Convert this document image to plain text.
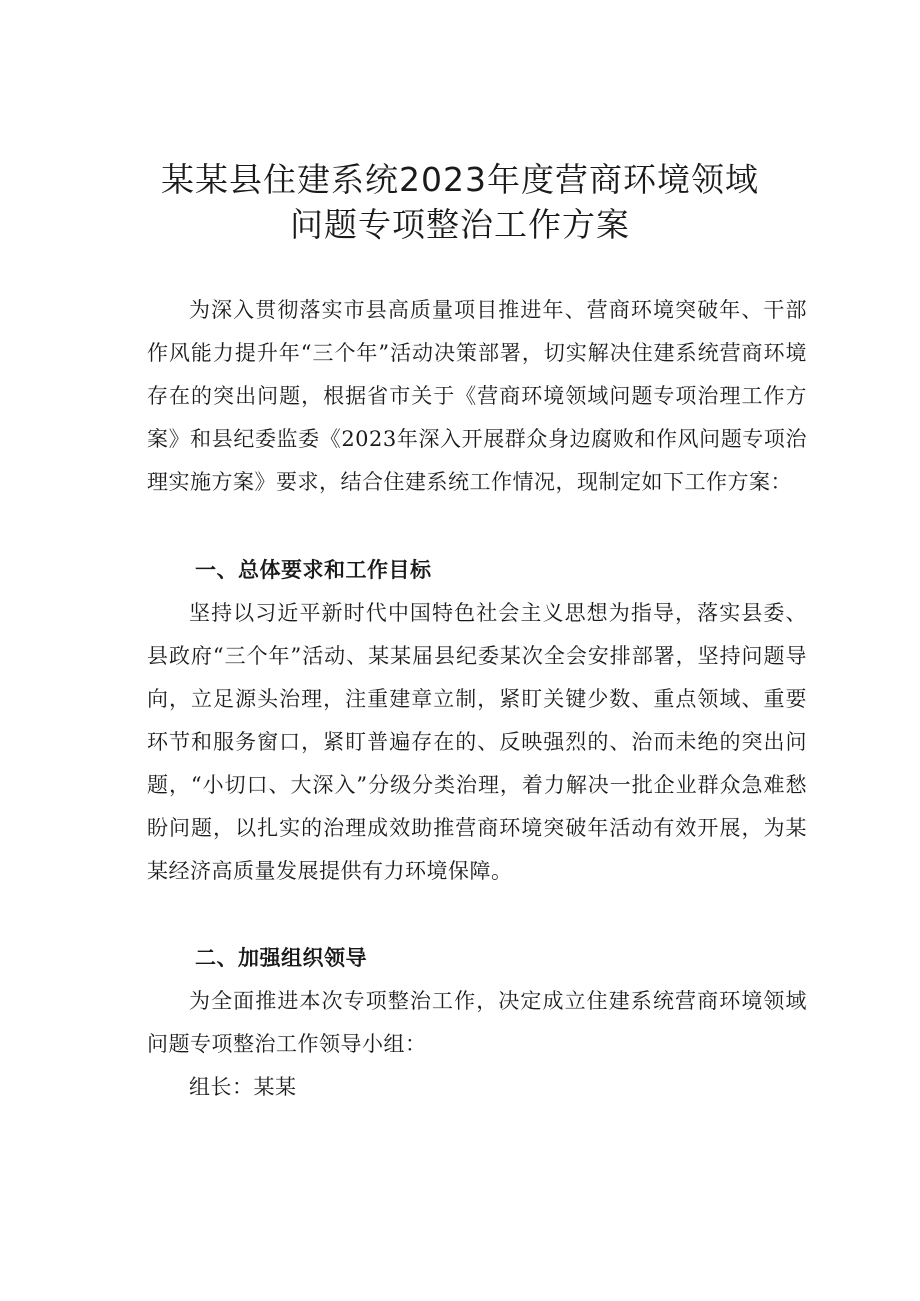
某某县住建系统2023年度营商环境领域
问题专项整治工作方案
为深入贯彻落实市县高质量项目推进年、营商环境突破年、干部作风能力提升年“三个年”活动决策部署，切实解决住建系统营商环境存在的突出问题，根据省市关于《营商环境领域问题专项治理工作方案》和县纪委监委《2023年深入开展群众身边腐败和作风问题专项治理实施方案》要求，结合住建系统工作情况，现制定如下工作方案：
一、总体要求和工作目标
坚持以习近平新时代中国特色社会主义思想为指导，落实县委、县政府“三个年”活动、某某届县纪委某次全会安排部署，坚持问题导向，立足源头治理，注重建章立制，紧盯关键少数、重点领域、重要环节和服务窗口，紧盯普遍存在的、反映强烈的、治而未绝的突出问题，“小切口、大深入”分级分类治理，着力解决一批企业群众急难愁盼问题，以扎实的治理成效助推营商环境突破年活动有效开展，为某某经济高质量发展提供有力环境保障。
二、加强组织领导
为全面推进本次专项整治工作，决定成立住建系统营商环境领域问题专项整治工作领导小组：
组长：某某
